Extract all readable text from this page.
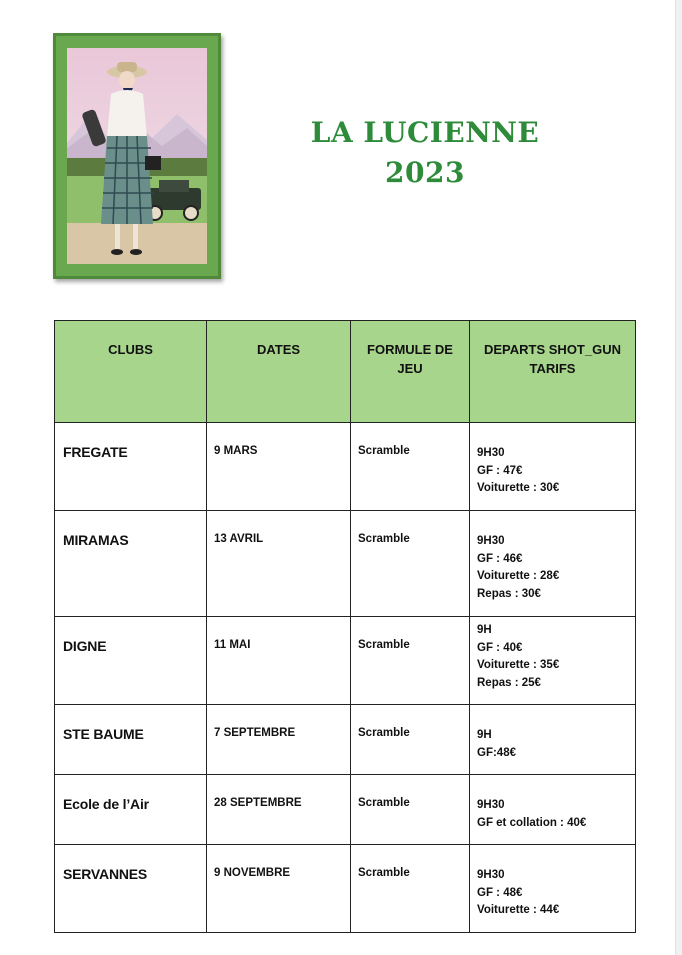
LA LUCIENNE
2023
CLUBS	DATES	FORMULE DE JEU	DEPARTS SHOT_GUN TARIFS
FREGATE	9 MARS	Scramble	9H30
GF : 47€
Voiturette : 30€

MIRAMAS	13 AVRIL	Scramble	9H30
GF : 46€
Voiturette : 28€
Repas : 30€

DIGNE	11 MAI	Scramble	9H
GF : 40€
Voiturette : 35€
Repas : 25€

STE BAUME	7 SEPTEMBRE	Scramble	9H
GF:48€

Ecole de l’Air	28 SEPTEMBRE	Scramble	9H30
GF et collation : 40€

SERVANNES	9 NOVEMBRE	Scramble	9H30
GF : 48€
Voiturette : 44€
